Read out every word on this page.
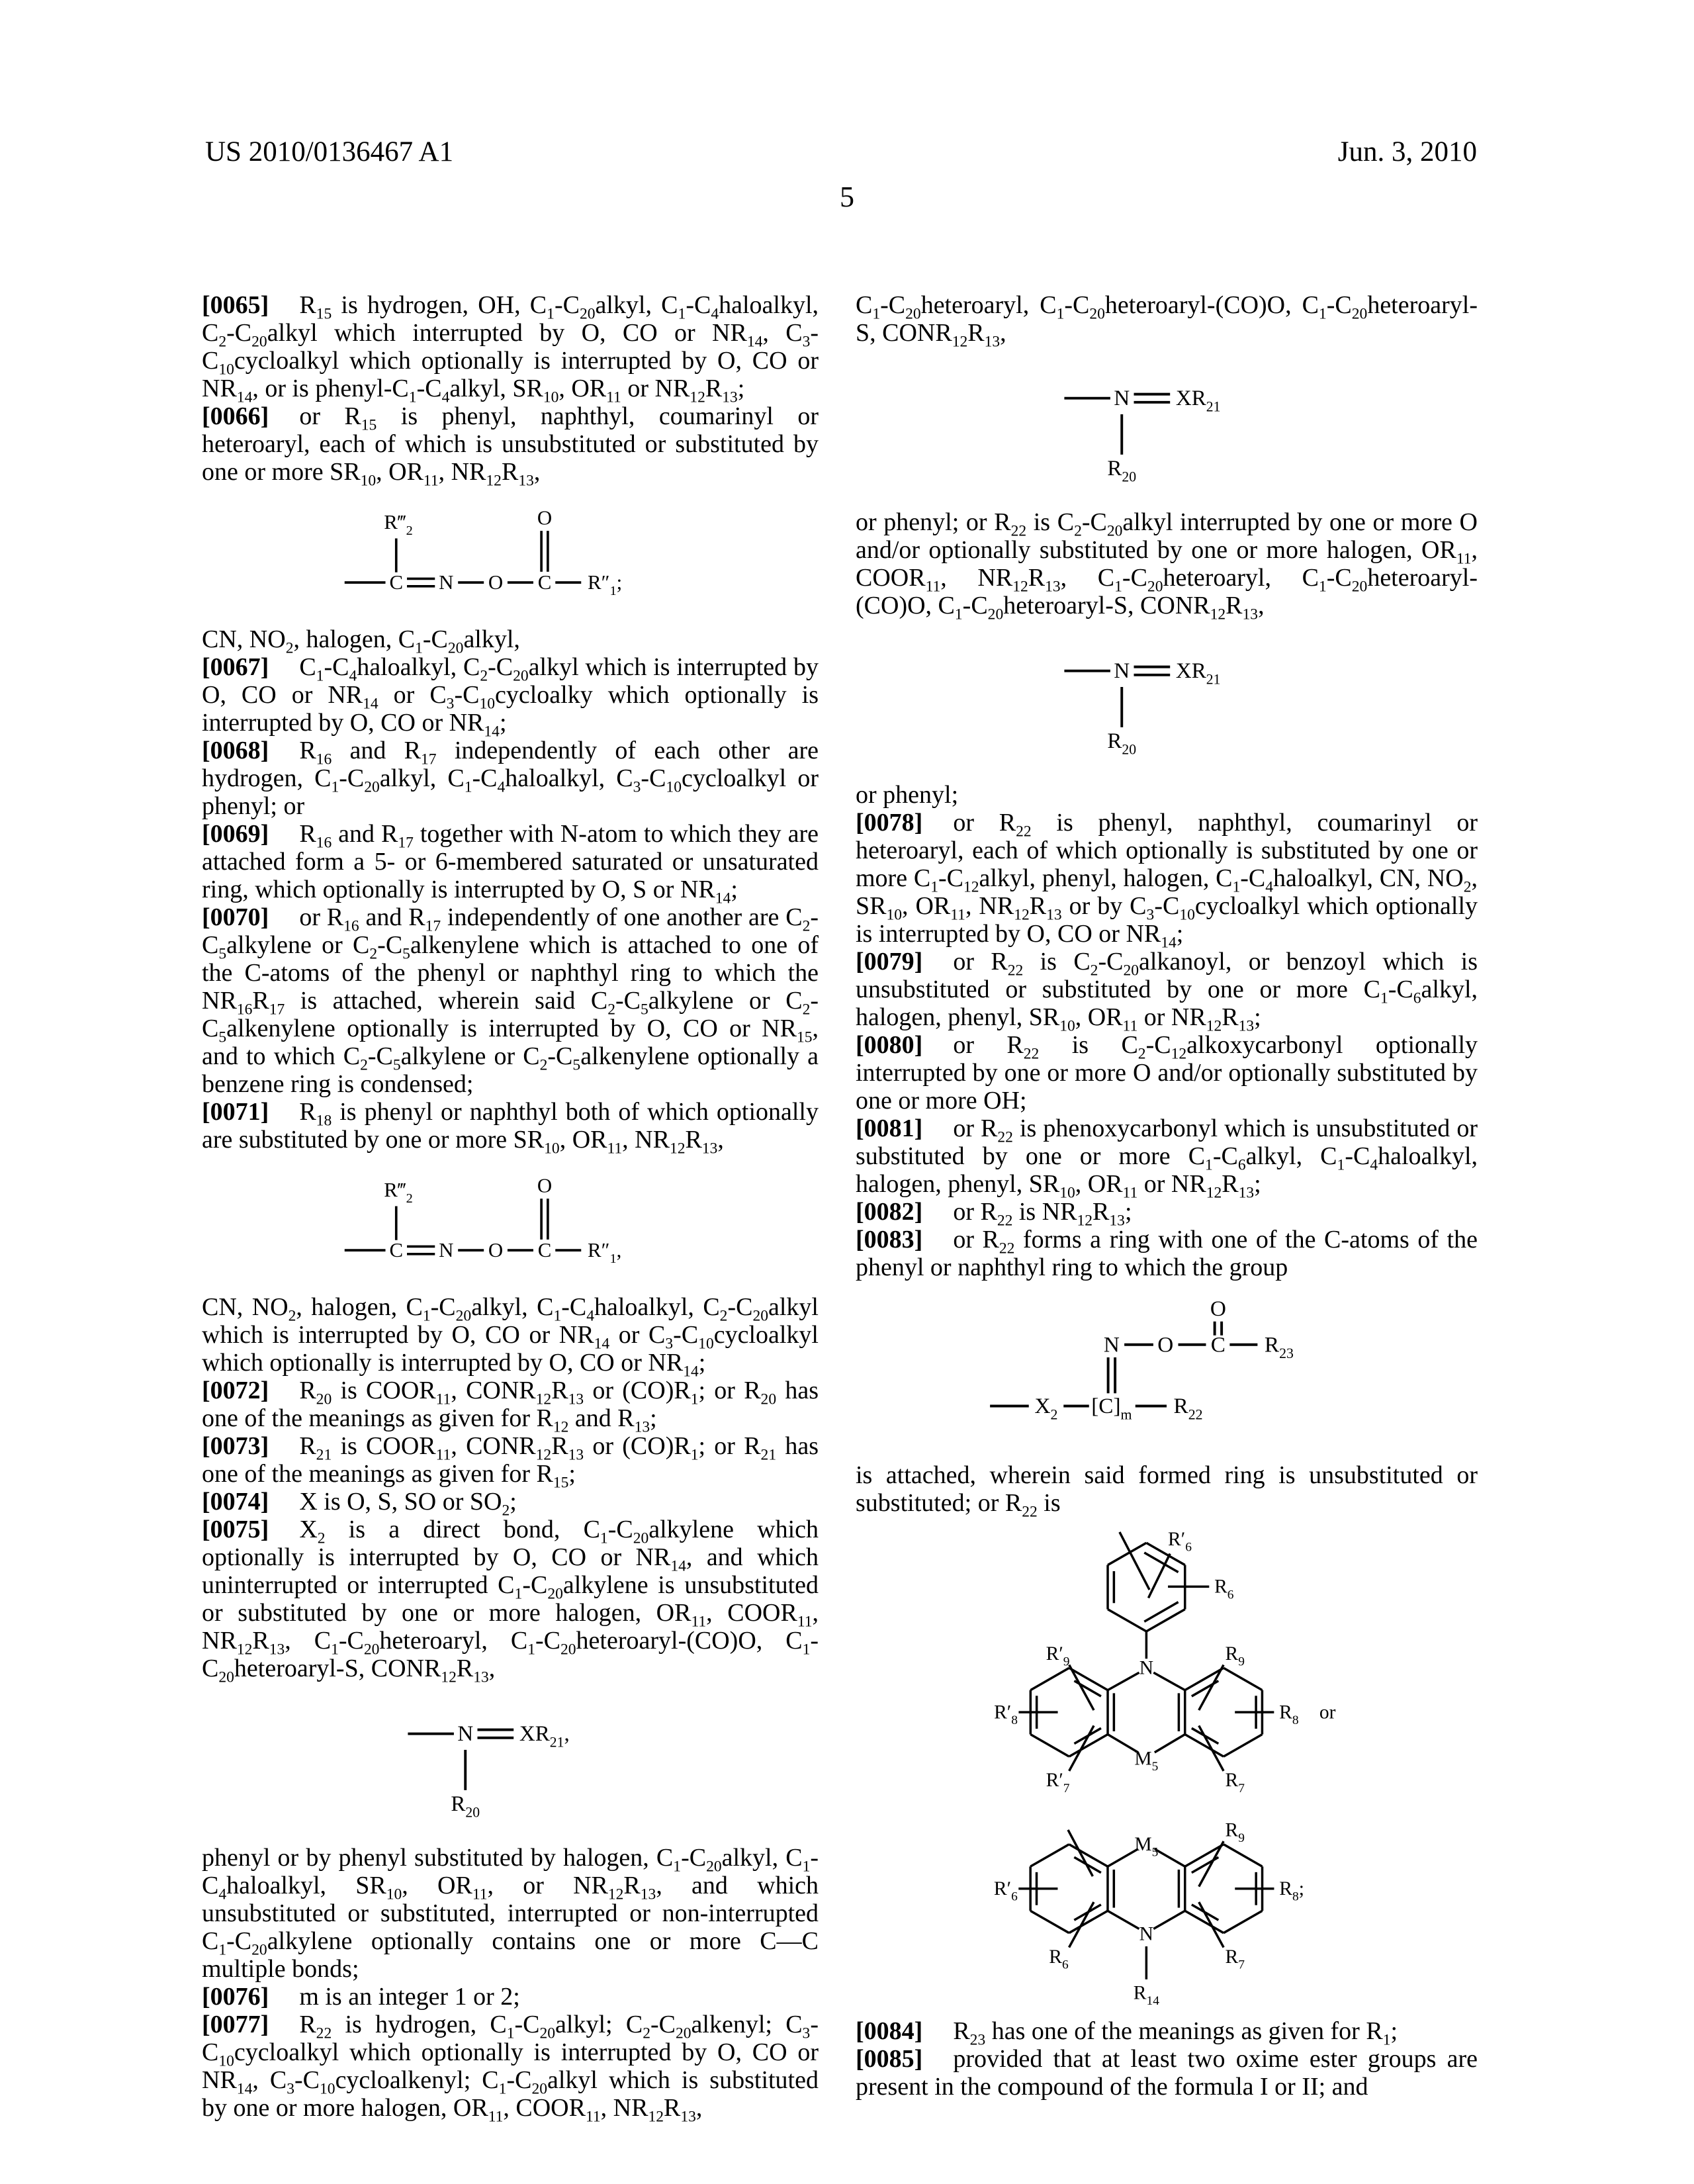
US 2010/0136467 A1	Jun. 3, 2010
5

[0065] $R_{15}$ is hydrogen, OH, $C_1-C_{20}alkyl$, $C_1-C_4haloalkyl$, $C_2-C_{20}alkyl$ which interrupted by O, CO or $NR_{14}$, $C_3-C_{10}cycloalkyl$ which optionally is interrupted by O, CO or $NR_{14}$, or is phenyl-$C_1-C_4alkyl$, $SR_{10}$, $OR_{11}$ or $NR_{12}R_{13}$;

[0066] or $R_{15}$ is phenyl, naphthyl, coumarinyl or heteroaryl, each of which is unsubstituted or substituted by one or more $SR_{10}$, $OR_{11}$, $NR_{12}R_{13}$,

C N O C $R''_1$;
$R‴_2$
O

CN, $NO_2$, halogen, $C_1-C_{20}alkyl$,

[0067] $C_1-C_4haloalkyl$, $C_2-C_{20}alkyl$ which is interrupted by O, CO or $NR_{14}$ or $C_3-C_{10}cycloalky$ which optionally is interrupted by O, CO or $NR_{14}$;

[0068] $R_{16}$ and $R_{17}$ independently of each other are hydrogen, $C_1-C_{20}alkyl$, $C_1-C_4haloalkyl$, $C_3-C_{10}cycloalkyl$ or phenyl; or

[0069] $R_{16}$ and $R_{17}$ together with N-atom to which they are attached form a 5- or 6-membered saturated or unsaturated ring, which optionally is interrupted by O, S or $NR_{14}$;

[0070] or $R_{16}$ and $R_{17}$ independently of one another are $C_2-C_5alkylene$ or $C_2-C_5alkenylene$ which is attached to one of the C-atoms of the phenyl or naphthyl ring to which the $NR_{16}R_{17}$ is attached, wherein said $C_2-C_5alkylene$ or $C_2-C_5alkenylene$ optionally is interrupted by O, CO or $NR_{15}$, and to which $C_2-C_5alkylene$ or $C_2-C_5alkenylene$ optionally a benzene ring is condensed;

[0071] $R_{18}$ is phenyl or naphthyl both of which optionally are substituted by one or more $SR_{10}$, $OR_{11}$, $NR_{12}R_{13}$,

C N O C $R''_1$,
$R‴_2$
O

CN, $NO_2$, halogen, $C_1-C_{20}alkyl$, $C_1-C_4haloalkyl$, $C_2-C_{20}alkyl$ which is interrupted by O, CO or $NR_{14}$ or $C_3-C_{10}cycloalkyl$ which optionally is interrupted by O, CO or $NR_{14}$;

[0072] $R_{20}$ is $COOR_{11}$, $CONR_{12}R_{13}$ or $(CO)R_1$; or $R_{20}$ has one of the meanings as given for $R_{12}$ and $R_{13}$;

[0073] $R_{21}$ is $COOR_{11}$, $CONR_{12}R_{13}$ or $(CO)R_1$; or $R_{21}$ has one of the meanings as given for $R_{15}$;

[0074] X is O, S, SO or $SO_2$;

[0075] $X_2$ is a direct bond, $C_1-C_{20}alkylene$ which optionally is interrupted by O, CO or $NR_{14}$, and which uninterrupted or interrupted $C_1-C_{20}alkylene$ is unsubstituted or substituted by one or more halogen, $OR_{11}$, $COOR_{11}$, $NR_{12}R_{13}$, $C_1-C_{20}heteroaryl$, $C_1-C_{20}heteroaryl-(CO)O$, $C_1-C_{20}heteroaryl-S$, $CONR_{12}R_{13}$,

N $XR_{21}$,
$R_{20}$

phenyl or by phenyl substituted by halogen, $C_1-C_{20}alkyl$, $C_1-C_4haloalkyl$, $SR_{10}$, $OR_{11}$, or $NR_{12}R_{13}$, and which unsubstituted or substituted, interrupted or non-interrupted $C_1-C_{20}alkylene$ optionally contains one or more C—C multiple bonds;

[0076] m is an integer 1 or 2;

[0077] $R_{22}$ is hydrogen, $C_1-C_{20}alkyl$; $C_2-C_{20}alkenyl$; $C_3-C_{10}cycloalkyl$ which optionally is interrupted by O, CO or $NR_{14}$, $C_3-C_{10}cycloalkenyl$; $C_1-C_{20}alkyl$ which is substituted by one or more halogen, $OR_{11}$, $COOR_{11}$, $NR_{12}R_{13}$,

$C_1-C_{20}heteroaryl$, $C_1-C_{20}heteroaryl-(CO)O$, $C_1-C_{20}heteroaryl-S$, $CONR_{12}R_{13}$,

N $XR_{21}$
$R_{20}$

or phenyl; or $R_{22}$ is $C_2-C_{20}alkyl$ interrupted by one or more O and/or optionally substituted by one or more halogen, $OR_{11}$, $COOR_{11}$, $NR_{12}R_{13}$, $C_1-C_{20}heteroaryl$, $C_1-C_{20}heteroaryl-(CO)O$, $C_1-C_{20}heteroaryl-S$, $CONR_{12}R_{13}$,

N $XR_{21}$
$R_{20}$

or phenyl;

[0078] or $R_{22}$ is phenyl, naphthyl, coumarinyl or heteroaryl, each of which optionally is substituted by one or more $C_1-C_{12}alkyl$, phenyl, halogen, $C_1-C_4haloalkyl$, CN, $NO_2$, $SR_{10}$, $OR_{11}$, $NR_{12}R_{13}$ or by $C_3-C_{10}cycloalkyl$ which optionally is interrupted by O, CO or $NR_{14}$;

[0079] or $R_{22}$ is $C_2-C_{20}alkanoyl$, or benzoyl which is unsubstituted or substituted by one or more $C_1-C_6alkyl$, halogen, phenyl, $SR_{10}$, $OR_{11}$ or $NR_{12}R_{13}$;

[0080] or $R_{22}$ is $C_2-C_{12}alkoxycarbonyl$ optionally interrupted by one or more O and/or optionally substituted by one or more OH;

[0081] or $R_{22}$ is phenoxycarbonyl which is unsubstituted or substituted by one or more $C_1-C_6alkyl$, $C_1-C_4haloalkyl$, halogen, phenyl, $SR_{10}$, $OR_{11}$ or $NR_{12}R_{13}$;

[0082] or $R_{22}$ is $NR_{12}R_{13}$;

[0083] or $R_{22}$ forms a ring with one of the C-atoms of the phenyl or naphthyl ring to which the group

N O C $R_{23}$
O
$X_2$ $[C]_m$ $R_{22}$

is attached, wherein said formed ring is unsubstituted or substituted; or $R_{22}$ is

$R'_6$
$R_6$
N
$M_5$
$R'_9$
$R'_8$
$R'_7$
$R_9$
$R_8$ or
$R_7$
$M_5$
N
$R'_6$
$R_6$
$R_9$
$R_8$;
$R_7$
$R_{14}$

[0084] $R_{23}$ has one of the meanings as given for $R_1$;

[0085] provided that at least two oxime ester groups are present in the compound of the formula I or II; and
